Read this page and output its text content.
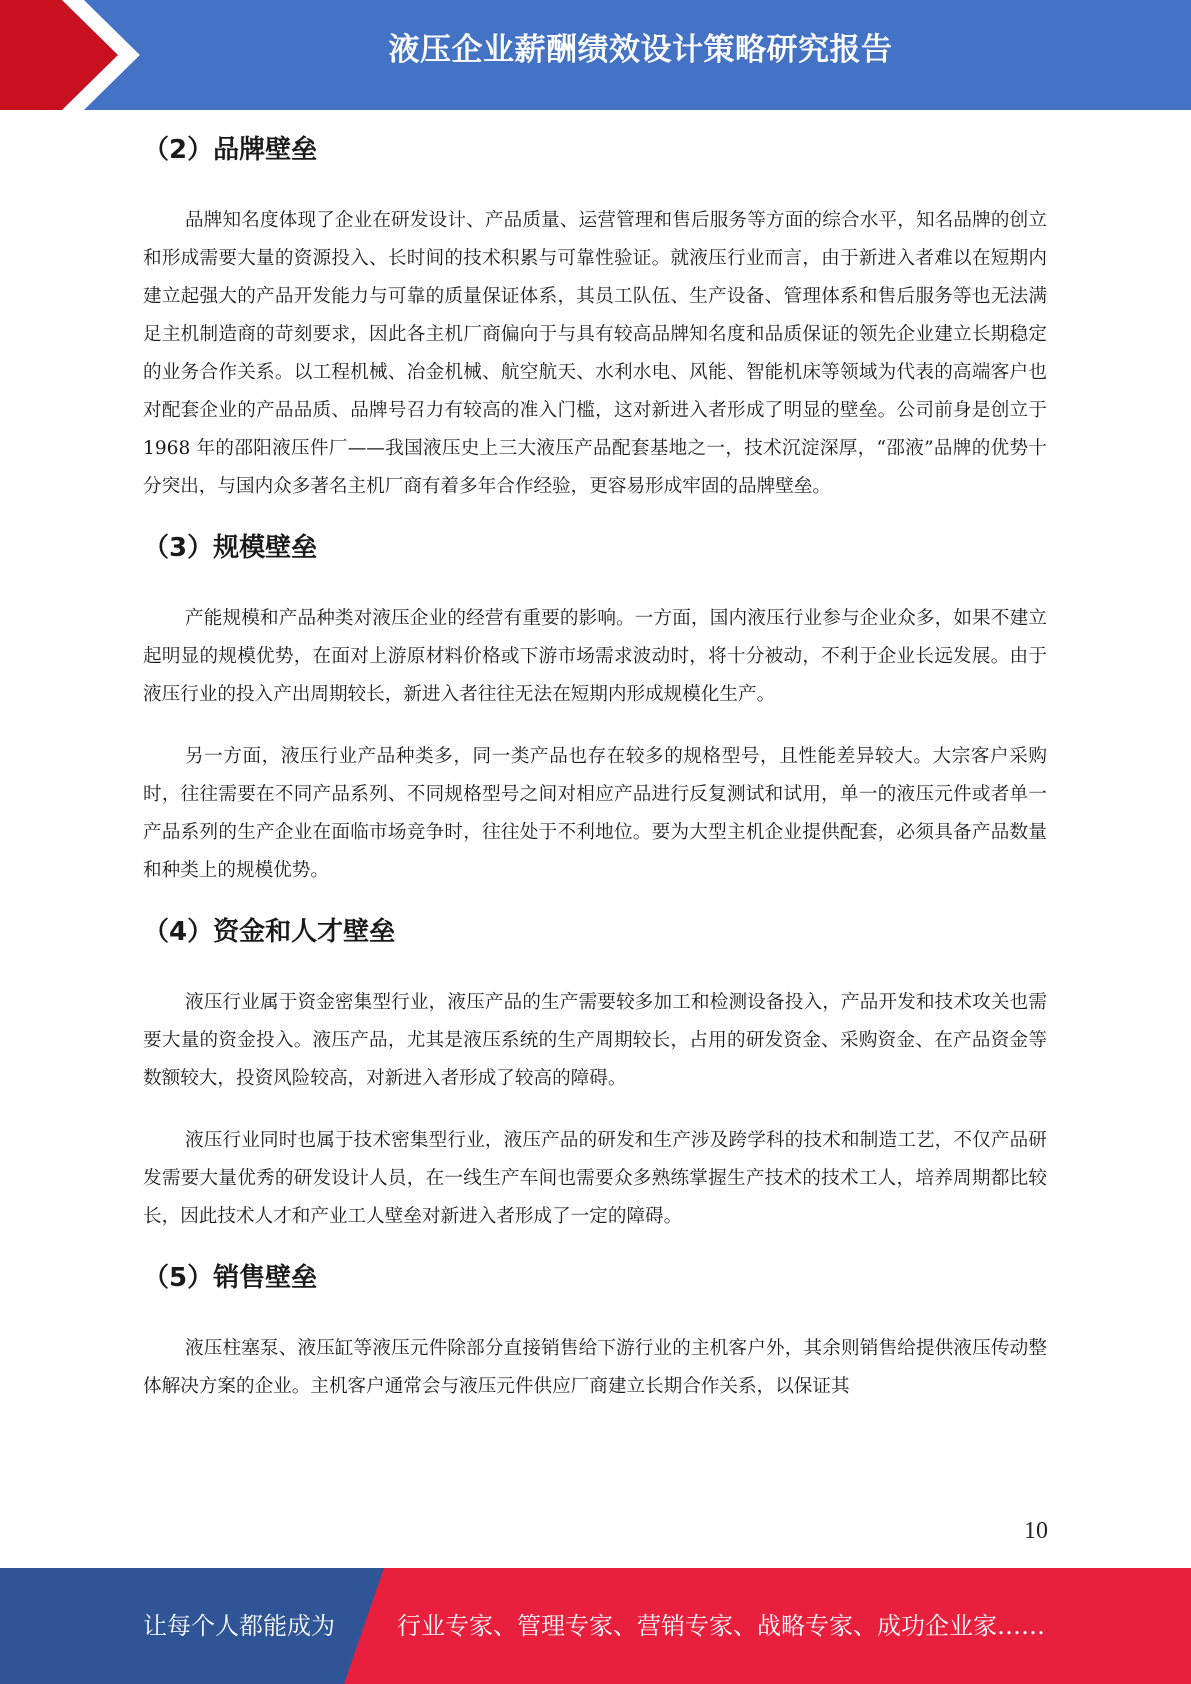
液压企业薪酬绩效设计策略研究报告
（2）品牌壁垒

品牌知名度体现了企业在研发设计、产品质量、运营管理和售后服务等方面的综合水平，知名品牌的创立和形成需要大量的资源投入、长时间的技术积累与可靠性验证。就液压行业而言，由于新进入者难以在短期内建立起强大的产品开发能力与可靠的质量保证体系，其员工队伍、生产设备、管理体系和售后服务等也无法满足主机制造商的苛刻要求，因此各主机厂商偏向于与具有较高品牌知名度和品质保证的领先企业建立长期稳定的业务合作关系。以工程机械、冶金机械、航空航天、水利水电、风能、智能机床等领域为代表的高端客户也对配套企业的产品品质、品牌号召力有较高的准入门槛，这对新进入者形成了明显的壁垒。公司前身是创立于 1968 年的邵阳液压件厂——我国液压史上三大液压产品配套基地之一，技术沉淀深厚，“邵液”品牌的优势十分突出，与国内众多著名主机厂商有着多年合作经验，更容易形成牢固的品牌壁垒。

（3）规模壁垒

产能规模和产品种类对液压企业的经营有重要的影响。一方面，国内液压行业参与企业众多，如果不建立起明显的规模优势，在面对上游原材料价格或下游市场需求波动时，将十分被动，不利于企业长远发展。由于液压行业的投入产出周期较长，新进入者往往无法在短期内形成规模化生产。

另一方面，液压行业产品种类多，同一类产品也存在较多的规格型号，且性能差异较大。大宗客户采购时，往往需要在不同产品系列、不同规格型号之间对相应产品进行反复测试和试用，单一的液压元件或者单一产品系列的生产企业在面临市场竞争时，往往处于不利地位。要为大型主机企业提供配套，必须具备产品数量和种类上的规模优势。

（4）资金和人才壁垒

液压行业属于资金密集型行业，液压产品的生产需要较多加工和检测设备投入，产品开发和技术攻关也需要大量的资金投入。液压产品，尤其是液压系统的生产周期较长，占用的研发资金、采购资金、在产品资金等数额较大，投资风险较高，对新进入者形成了较高的障碍。

液压行业同时也属于技术密集型行业，液压产品的研发和生产涉及跨学科的技术和制造工艺，不仅产品研发需要大量优秀的研发设计人员，在一线生产车间也需要众多熟练掌握生产技术的技术工人，培养周期都比较长，因此技术人才和产业工人壁垒对新进入者形成了一定的障碍。

（5）销售壁垒

液压柱塞泵、液压缸等液压元件除部分直接销售给下游行业的主机客户外，其余则销售给提供液压传动整体解决方案的企业。主机客户通常会与液压元件供应厂商建立长期合作关系，以保证其

10
让每个人都能成为	行业专家、管理专家、营销专家、战略专家、成功企业家……
